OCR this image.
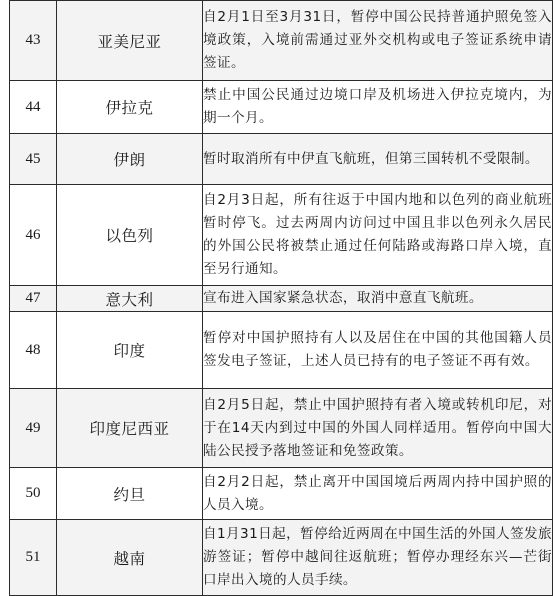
43	亚美尼亚	自2月1日至3月31日，暂停中国公民持普通护照免签入境政策，入境前需通过亚外交机构或电子签证系统申请签证。
44	伊拉克	禁止中国公民通过边境口岸及机场进入伊拉克境内，为期一个月。
45	伊朗	暂时取消所有中伊直飞航班，但第三国转机不受限制。
46	以色列	自2月3日起，所有往返于中国内地和以色列的商业航班暂时停飞。过去两周内访问过中国且非以色列永久居民的外国公民将被禁止通过任何陆路或海路口岸入境，直至另行通知。
47	意大利	宣布进入国家紧急状态，取消中意直飞航班。
48	印度	暂停对中国护照持有人以及居住在中国的其他国籍人员签发电子签证，上述人员已持有的电子签证不再有效。
49	印度尼西亚	自2月5日起，禁止中国护照持有者入境或转机印尼，对于在14天内到过中国的外国人同样适用。暂停向中国大陆公民授予落地签证和免签政策。
50	约旦	自2月2日起，禁止离开中国国境后两周内持中国护照的人员入境。
51	越南	自1月31日起，暂停给近两周在中国生活的外国人签发旅游签证；暂停中越间往返航班；暂停办理经东兴—芒街口岸出入境的人员手续。
